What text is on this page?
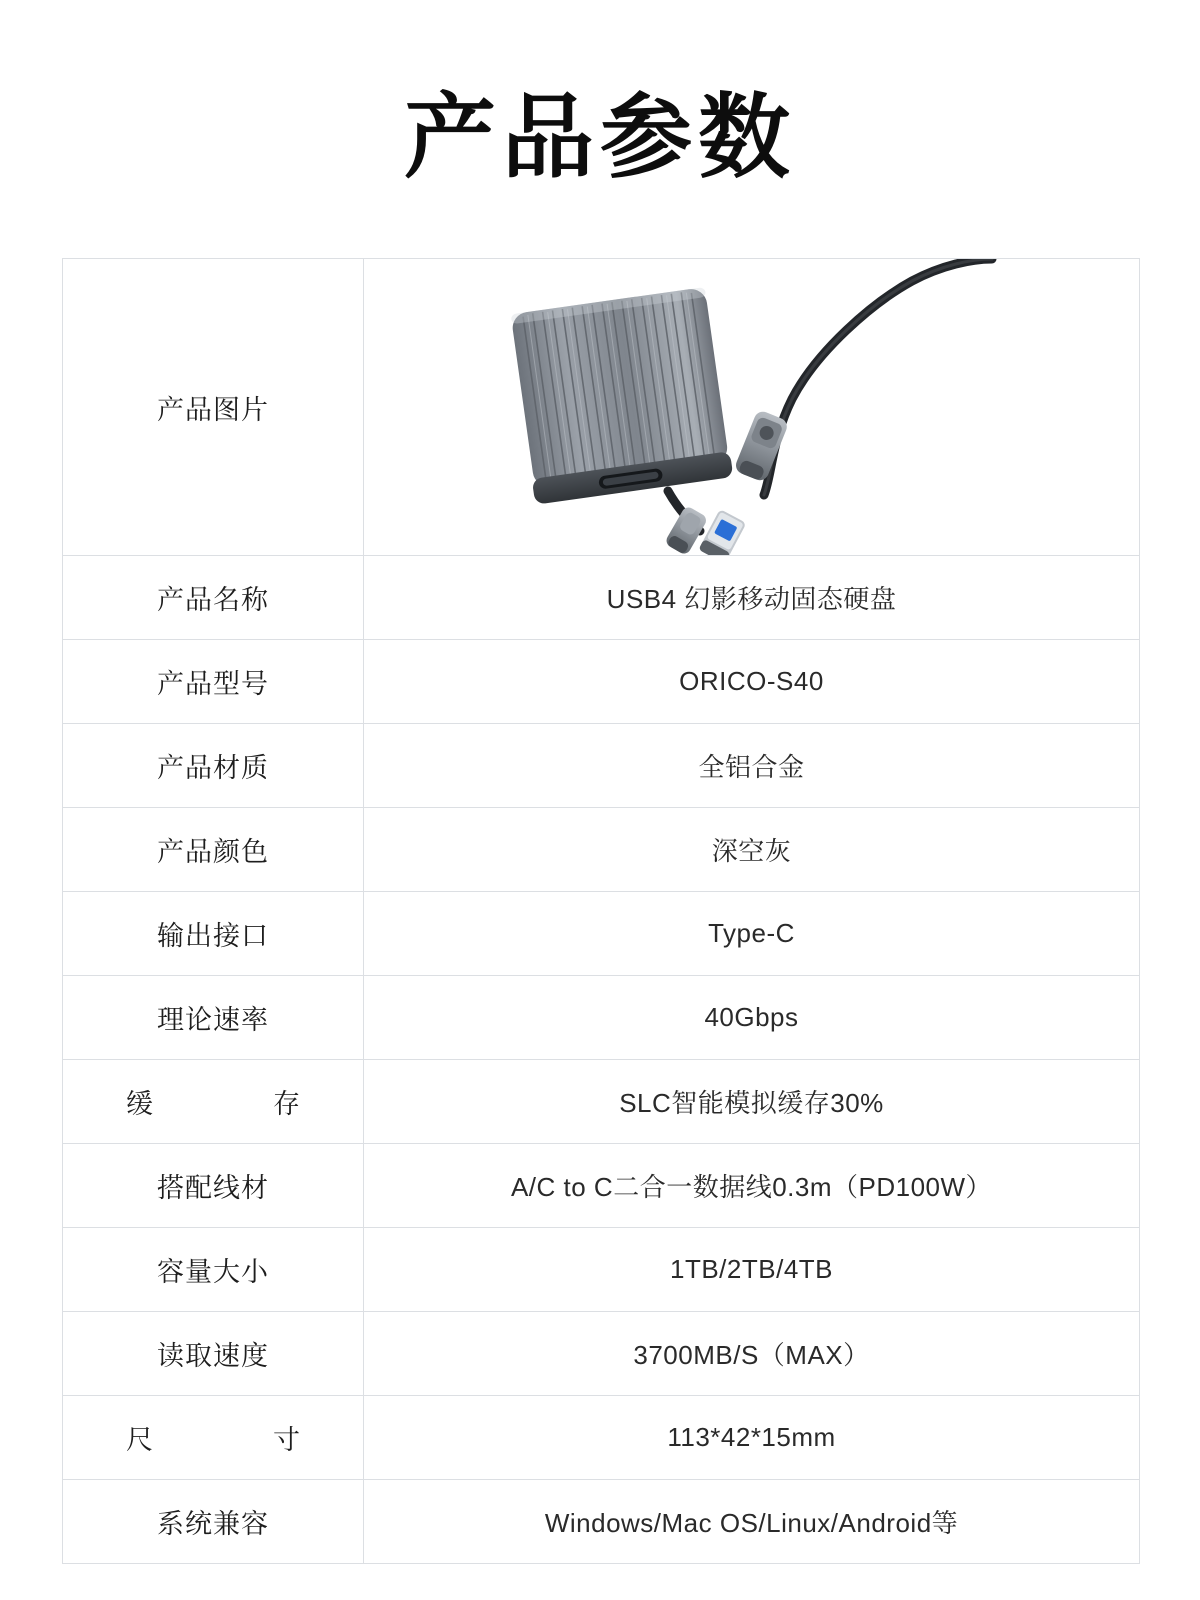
产品参数
产品图片	

产品名称	USB4 幻影移动固态硬盘
产品型号	ORICO-S40
产品材质	全铝合金
产品颜色	深空灰
输出接口	Type-C
理论速率	40Gbps
缓　　存	SLC智能模拟缓存30%
搭配线材	A/C to C二合一数据线0.3m（PD100W）
容量大小	1TB/2TB/4TB
读取速度	3700MB/S（MAX）
尺　　寸	113*42*15mm
系统兼容	Windows/Mac OS/Linux/Android等
